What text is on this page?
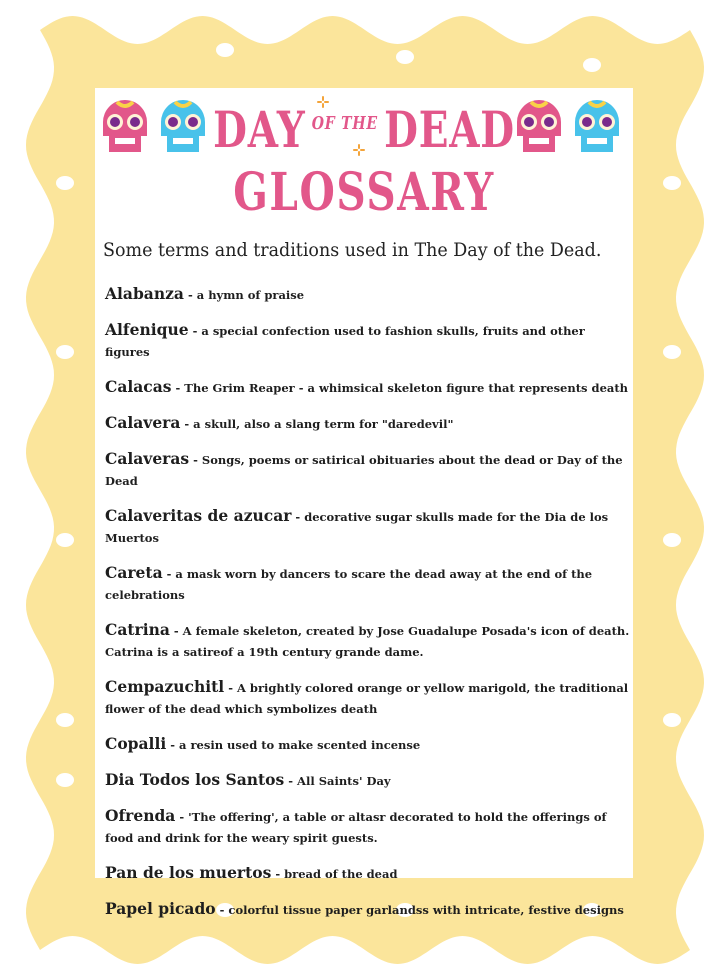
DAY $^{OF THE}$ DEAD
GLOSSARY
Some terms and traditions used in The Day of the Dead.
Alabanza - a hymn of praise
Alfenique - a special confection used to fashion skulls, fruits and other figures
Calacas - The Grim Reaper - a whimsical skeleton figure that represents death
Calavera - a skull, also a slang term for "daredevil"
Calaveras - Songs, poems or satirical obituaries about the dead or Day of the Dead
Calaveritas de azucar - decorative sugar skulls made for the Dia de los Muertos
Careta - a mask worn by dancers to scare the dead away at the end of the celebrations
Catrina - A female skeleton, created by Jose Guadalupe Posada's icon of death. Catrina is a satireof a 19th century grande dame.
Cempazuchitl - A brightly colored orange or yellow marigold, the traditional flower of the dead which symbolizes death
Copalli - a resin used to make scented incense
Dia Todos los Santos - All Saints' Day
Ofrenda - 'The offering', a table or altasr decorated to hold the offerings of food and drink for the weary spirit guests.
Pan de los muertos - bread of the dead
Papel picado - colorful tissue paper garlandss with intricate, festive designs
